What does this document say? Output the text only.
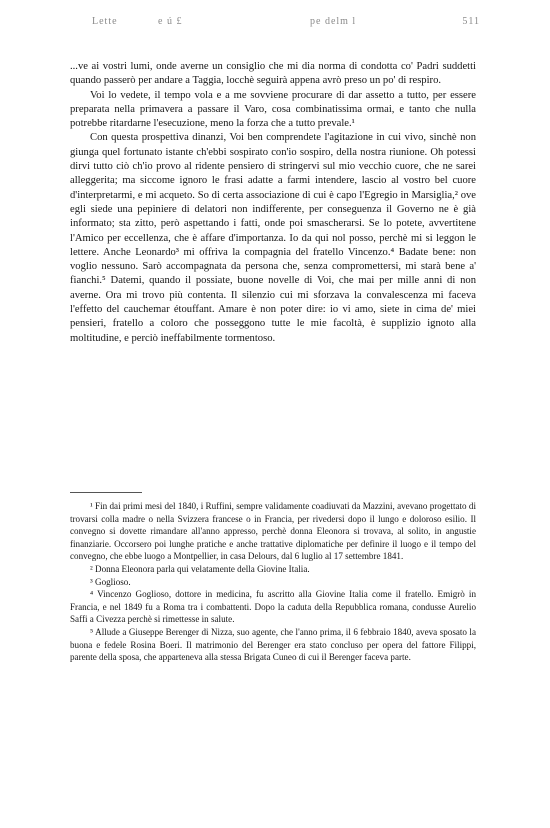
Lette	e ú £	pe delm l	511

...ve ai vostri lumi, onde averne un consiglio che mi dia norma di condotta co' Padri suddetti quando passerò per andare a Taggia, locchè seguirà appena avrò preso un po' di respiro.

Voi lo vedete, il tempo vola e a me sovviene procurare di dar assetto a tutto, per essere preparata nella primavera a passare il Varo, cosa combinatissima ormai, e tanto che nulla potrebbe ritardarne l'esecuzione, meno la forza che a tutto prevale.¹

Con questa prospettiva dinanzi, Voi ben comprendete l'agitazione in cui vivo, sinchè non giunga quel fortunato istante ch'ebbi sospirato con'io sospiro, della nostra riunione. Oh potessi dirvi tutto ciò ch'io provo al ridente pensiero di stringervi sul mio vecchio cuore, che ne sarei alleggerita; ma siccome ignoro le frasi adatte a farmi intendere, lascio al vostro bel cuore d'interpretarmi, e mi acqueto. So di certa associazione di cui è capo l'Egregio in Marsiglia,² ove egli siede una pepiniere di delatori non indifferente, per conseguenza il Governo ne è già informato; sta zitto, però aspettando i fatti, onde poi smascherarsi. Se lo potete, avvertitene l'Amico per eccellenza, che è affare d'importanza. Io da qui nol posso, perchè mi si leggon le lettere. Anche Leonardo³ mi offriva la compagnia del fratello Vincenzo.⁴ Badate bene: non voglio nessuno. Sarò accompagnata da persona che, senza compromettersi, mi starà bene a' fianchi.⁵ Datemi, quando il possiate, buone novelle di Voi, che mai per mille anni di non averne. Ora mi trovo più contenta. Il silenzio cui mi sforzava la convalescenza mi faceva l'effetto del cauchemar étouffant. Amare è non poter dire: io vi amo, siete in cima de' miei pensieri, fratello a coloro che posseggono tutte le mie facoltà, è supplizio ignoto alla moltitudine, e perciò ineffabilmente tormentoso.

¹ Fin dai primi mesi del 1840, i Ruffini, sempre validamente coadiuvati da Mazzini, avevano progettato di trovarsi colla madre o nella Svizzera francese o in Francia, per rivedersi dopo il lungo e doloroso esilio. Il convegno si dovette rimandare all'anno appresso, perchè donna Eleonora si trovava, al solito, in angustie finanziarie. Occorsero poi lunghe pratiche e anche trattative diplomatiche per definire il luogo e il tempo del convegno, che ebbe luogo a Montpellier, in casa Delours, dal 6 luglio al 17 settembre 1841.

² Donna Eleonora parla qui velatamente della Giovine Italia.

³ Goglioso.

⁴ Vincenzo Goglioso, dottore in medicina, fu ascritto alla Giovine Italia come il fratello. Emigrò in Francia, e nel 1849 fu a Roma tra i combattenti. Dopo la caduta della Repubblica romana, condusse Aurelio Saffi a Civezza perchè si rimettesse in salute.

⁵ Allude a Giuseppe Berenger di Nizza, suo agente, che l'anno prima, il 6 febbraio 1840, aveva sposato la buona e fedele Rosina Boeri. Il matrimonio del Berenger era stato concluso per opera del fattore Filippi, parente della sposa, che apparteneva alla stessa Brigata Cuneo di cui il Berenger faceva parte.
